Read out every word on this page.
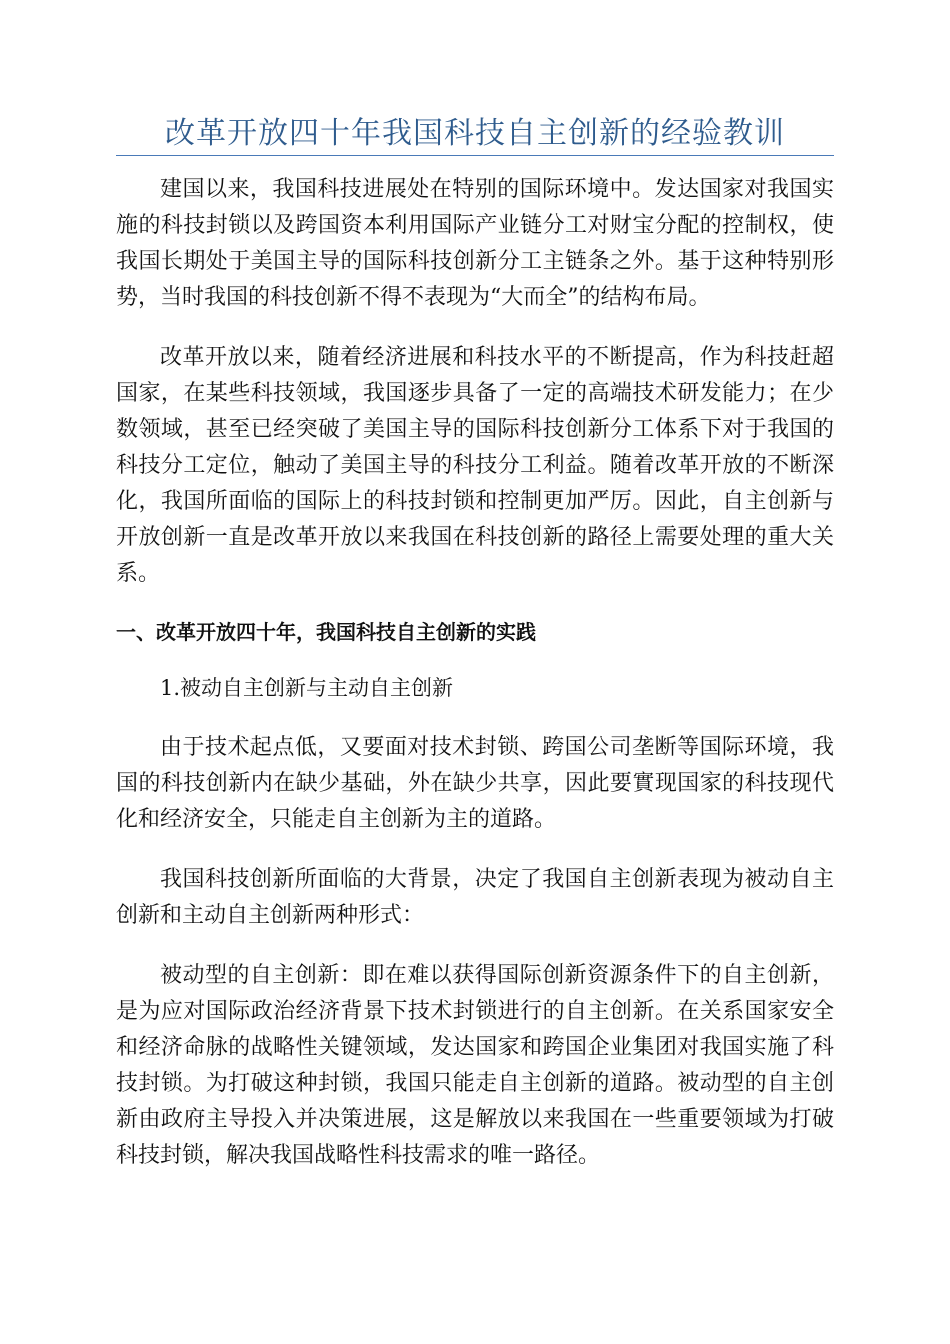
改革开放四十年我国科技自主创新的经验教训

建国以来，我国科技进展处在特别的国际环境中。发达国家对我国实施的科技封锁以及跨国资本利用国际产业链分工对财宝分配的控制权，使我国长期处于美国主导的国际科技创新分工主链条之外。基于这种特别形势，当时我国的科技创新不得不表现为“大而全”的结构布局。

改革开放以来，随着经济进展和科技水平的不断提高，作为科技赶超国家，在某些科技领域，我国逐步具备了一定的高端技术研发能力；在少数领域，甚至已经突破了美国主导的国际科技创新分工体系下对于我国的科技分工定位，触动了美国主导的科技分工利益。随着改革开放的不断深化，我国所面临的国际上的科技封锁和控制更加严厉。因此，自主创新与开放创新一直是改革开放以来我国在科技创新的路径上需要处理的重大关系。

一、改革开放四十年，我国科技自主创新的实践

1.被动自主创新与主动自主创新

由于技术起点低，又要面对技术封锁、跨国公司垄断等国际环境，我国的科技创新内在缺少基础，外在缺少共享，因此要實现国家的科技现代化和经济安全，只能走自主创新为主的道路。

我国科技创新所面临的大背景，决定了我国自主创新表现为被动自主创新和主动自主创新两种形式：

被动型的自主创新：即在难以获得国际创新资源条件下的自主创新，是为应对国际政治经济背景下技术封锁进行的自主创新。在关系国家安全和经济命脉的战略性关键领域，发达国家和跨国企业集团对我国实施了科技封锁。为打破这种封锁，我国只能走自主创新的道路。被动型的自主创新由政府主导投入并决策进展，这是解放以来我国在一些重要领域为打破科技封锁，解决我国战略性科技需求的唯一路径。
